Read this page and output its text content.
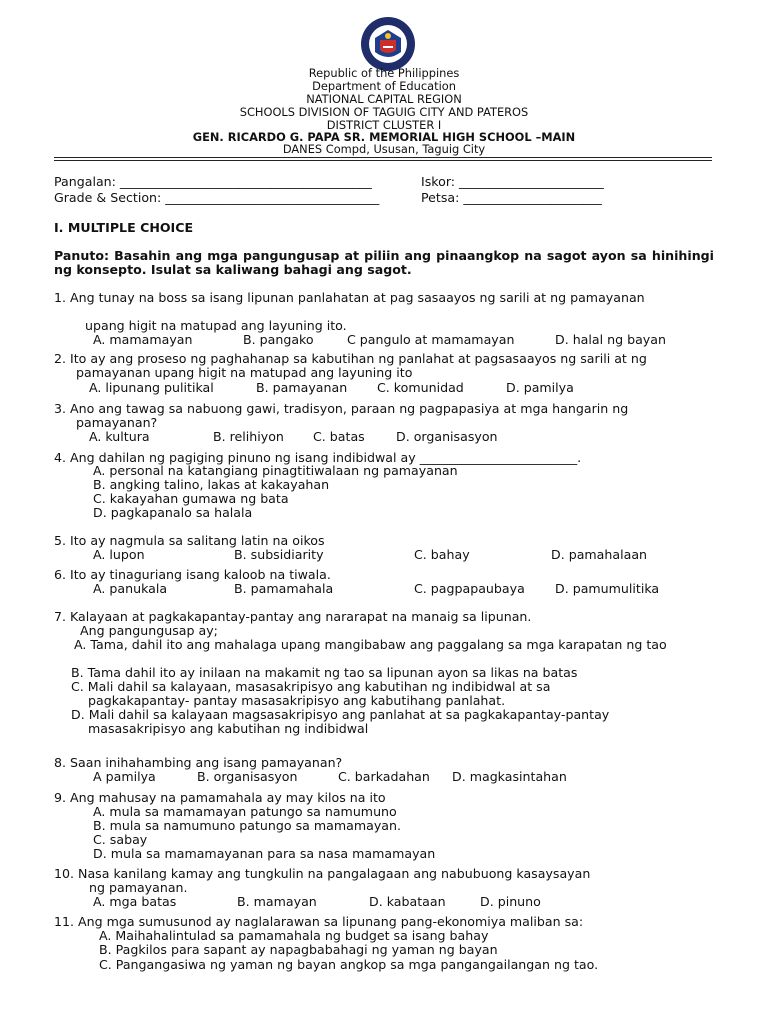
Republic of the Philippines
Department of Education
NATIONAL CAPITAL REGION
SCHOOLS DIVISION OF TAGUIG CITY AND PATEROS
DISTRICT CLUSTER I
GEN. RICARDO G. PAPA SR. MEMORIAL HIGH SCHOOL –MAIN
DANES Compd, Ususan, Taguig City
Pangalan: ________________________________________	Iskor: _______________________
Grade & Section: __________________________________	Petsa: ______________________
I. MULTIPLE CHOICE
Panuto: Basahin ang mga pangungusap at piliin ang pinaangkop na sagot ayon sa hinihingi ng konsepto. Isulat sa kaliwang bahagi ang sagot.
1. Ang tunay na boss sa isang lipunan panlahatan at pag sasaayos ng sarili at ng pamayanan
upang higit na matupad ang layuning ito.
A. mamamayan	B. pangako	C pangulo at mamamayan	D. halal ng bayan
2. Ito ay ang proseso ng paghahanap sa kabutihan ng panlahat at pagsasaayos ng sarili at ng
pamayanan upang higit na matupad ang layuning ito
A. lipunang pulitikal	B. pamayanan C. komunidad	D. pamilya
3. Ano ang tawag sa nabuong gawi, tradisyon, paraan ng pagpapasiya at mga hangarin ng
pamayanan?
A. kultura	B. relihiyon C. batas D. organisasyon
4. Ang dahilan ng pagiging pinuno ng isang indibidwal ay _________________________.
A. personal na katangiang pinagtitiwalaan ng pamayanan
B. angking talino, lakas at kakayahan
C. kakayahan gumawa ng bata
D. pagkapanalo sa halala
5. Ito ay nagmula sa salitang latin na oikos
A. lupon	B. subsidiarity	C. bahay	D. pamahalaan
6. Ito ay tinaguriang isang kaloob na tiwala.
A. panukala	B. pamamahala	C. pagpapaubaya D. pamumulitika
7. Kalayaan at pagkakapantay-pantay ang nararapat na manaig sa lipunan.
Ang pangungusap ay;
A. Tama, dahil ito ang mahalaga upang mangibabaw ang paggalang sa mga karapatan ng tao
B. Tama dahil ito ay inilaan na makamit ng tao sa lipunan ayon sa likas na batas
C. Mali dahil sa kalayaan, masasakripisyo ang kabutihan ng indibidwal at sa
pagkakapantay- pantay masasakripisyo ang kabutihang panlahat.
D. Mali dahil sa kalayaan magsasakripisyo ang panlahat at sa pagkakapantay-pantay
masasakripisyo ang kabutihan ng indibidwal
8. Saan inihahambing ang isang pamayanan?
A pamilya	B. organisasyon	C. barkadahan D. magkasintahan
9. Ang mahusay na pamamahala ay may kilos na ito
A. mula sa mamamayan patungo sa namumuno
B. mula sa namumuno patungo sa mamamayan.
C. sabay
D. mula sa mamamayanan para sa nasa mamamayan
10. Nasa kanilang kamay ang tungkulin na pangalagaan ang nabubuong kasaysayan
ng pamayanan.
A. mga batas	B. mamayan	D. kabataan	D. pinuno
11. Ang mga sumusunod ay naglalarawan sa lipunang pang-ekonomiya maliban sa:
A. Maihahalintulad sa pamamahala ng budget sa isang bahay
B. Pagkilos para sapant ay napagbabahagi ng yaman ng bayan
C. Pangangasiwa ng yaman ng bayan angkop sa mga pangangailangan ng tao.
